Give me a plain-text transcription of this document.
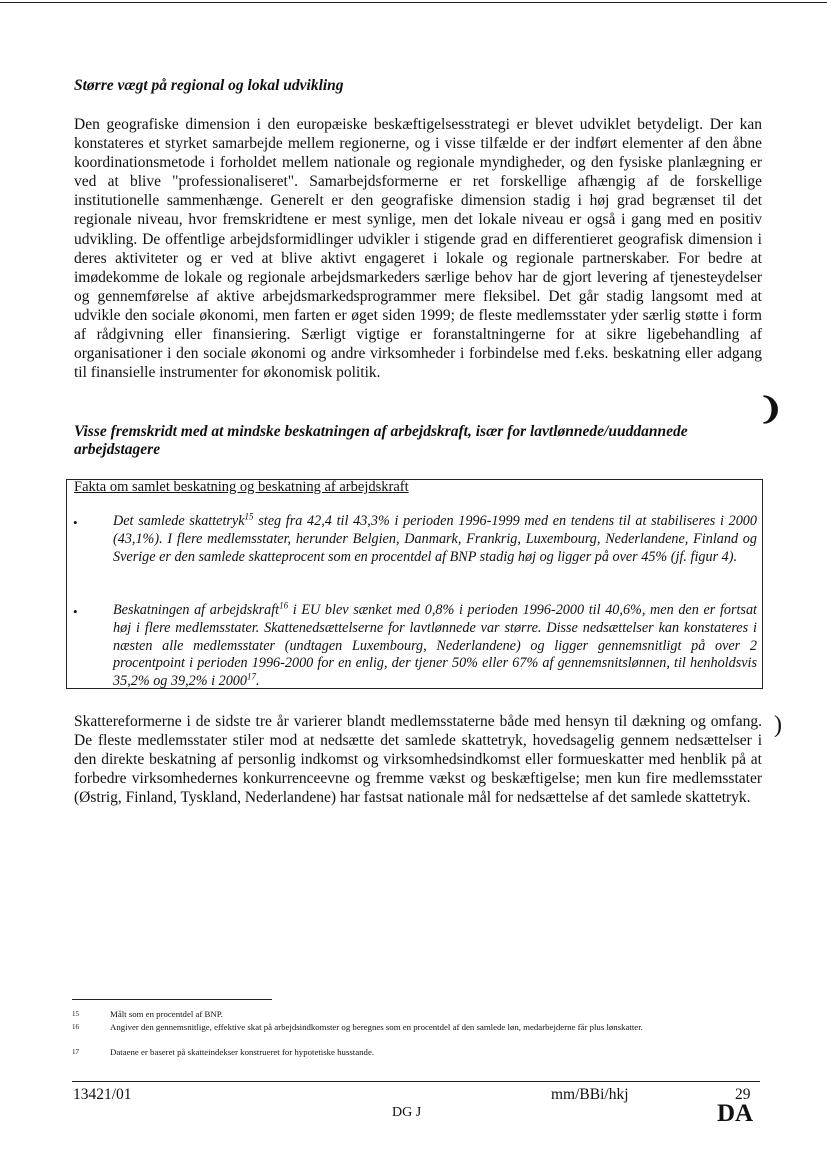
Større vægt på regional og lokal udvikling

Den geografiske dimension i den europæiske beskæftigelsesstrategi er blevet udviklet betydeligt. Der kan konstateres et styrket samarbejde mellem regionerne, og i visse tilfælde er der indført elementer af den åbne koordinationsmetode i forholdet mellem nationale og regionale myndigheder, og den fysiske planlægning er ved at blive "professionaliseret". Samarbejdsformerne er ret forskellige afhængig af de forskellige institutionelle sammenhænge. Generelt er den geografiske dimension stadig i høj grad begrænset til det regionale niveau, hvor fremskridtene er mest synlige, men det lokale niveau er også i gang med en positiv udvikling. De offentlige arbejdsformidlinger udvikler i stigende grad en differentieret geografisk dimension i deres aktiviteter og er ved at blive aktivt engageret i lokale og regionale partnerskaber. For bedre at imødekomme de lokale og regionale arbejdsmarkeders særlige behov har de gjort levering af tjenesteydelser og gennemførelse af aktive arbejdsmarkedsprogrammer mere fleksibel. Det går stadig langsomt med at udvikle den sociale økonomi, men farten er øget siden 1999; de fleste medlemsstater yder særlig støtte i form af rådgivning eller finansiering. Særligt vigtige er foranstaltningerne for at sikre ligebehandling af organisationer i den sociale økonomi og andre virksomheder i forbindelse med f.eks. beskatning eller adgang til finansielle instrumenter for økonomisk politik.

Visse fremskridt med at mindske beskatningen af arbejdskraft, især for lavtlønnede/uuddannede arbejdstagere
Fakta om samlet beskatning og beskatning af arbejdskraft
• Det samlede skattetryk$^{15}$ steg fra 42,4 til 43,3% i perioden 1996-1999 med en tendens til at stabiliseres i 2000 (43,1%). I flere medlemsstater, herunder Belgien, Danmark, Frankrig, Luxembourg, Nederlandene, Finland og Sverige er den samlede skatteprocent som en procentdel af BNP stadig høj og ligger på over 45% (jf. figur 4).

• Beskatningen af arbejdskraft$^{16}$ i EU blev sænket med 0,8% i perioden 1996-2000 til 40,6%, men den er fortsat høj i flere medlemsstater. Skattenedsættelserne for lavtlønnede var større. Disse nedsættelser kan konstateres i næsten alle medlemsstater (undtagen Luxembourg, Nederlandene) og ligger gennemsnitligt på over 2 procentpoint i perioden 1996-2000 for en enlig, der tjener 50% eller 67% af gennemsnitslønnen, til henholdsvis 35,2% og 39,2% i 2000$^{17}$.

Skattereformerne i de sidste tre år varierer blandt medlemsstaterne både med hensyn til dækning og omfang. De fleste medlemsstater stiler mod at nedsætte det samlede skattetryk, hovedsagelig gennem nedsættelser i den direkte beskatning af personlig indkomst og virksomhedsindkomst eller formueskatter med henblik på at forbedre virksomhedernes konkurrenceevne og fremme vækst og beskæftigelse; men kun fire medlemsstater (Østrig, Finland, Tyskland, Nederlandene) har fastsat nationale mål for nedsættelse af det samlede skattetryk.

15	Målt som en procentdel af BNP.
16	Angiver den gennemsnitlige, effektive skat på arbejdsindkomster og beregnes som en procentdel af den samlede løn, medarbejderne får plus lønskatter.
17	Dataene er baseret på skatteindekser konstrueret for hypotetiske husstande.
13421/01	mm/BBi/hkj	29
DG J	DA
❩
)
